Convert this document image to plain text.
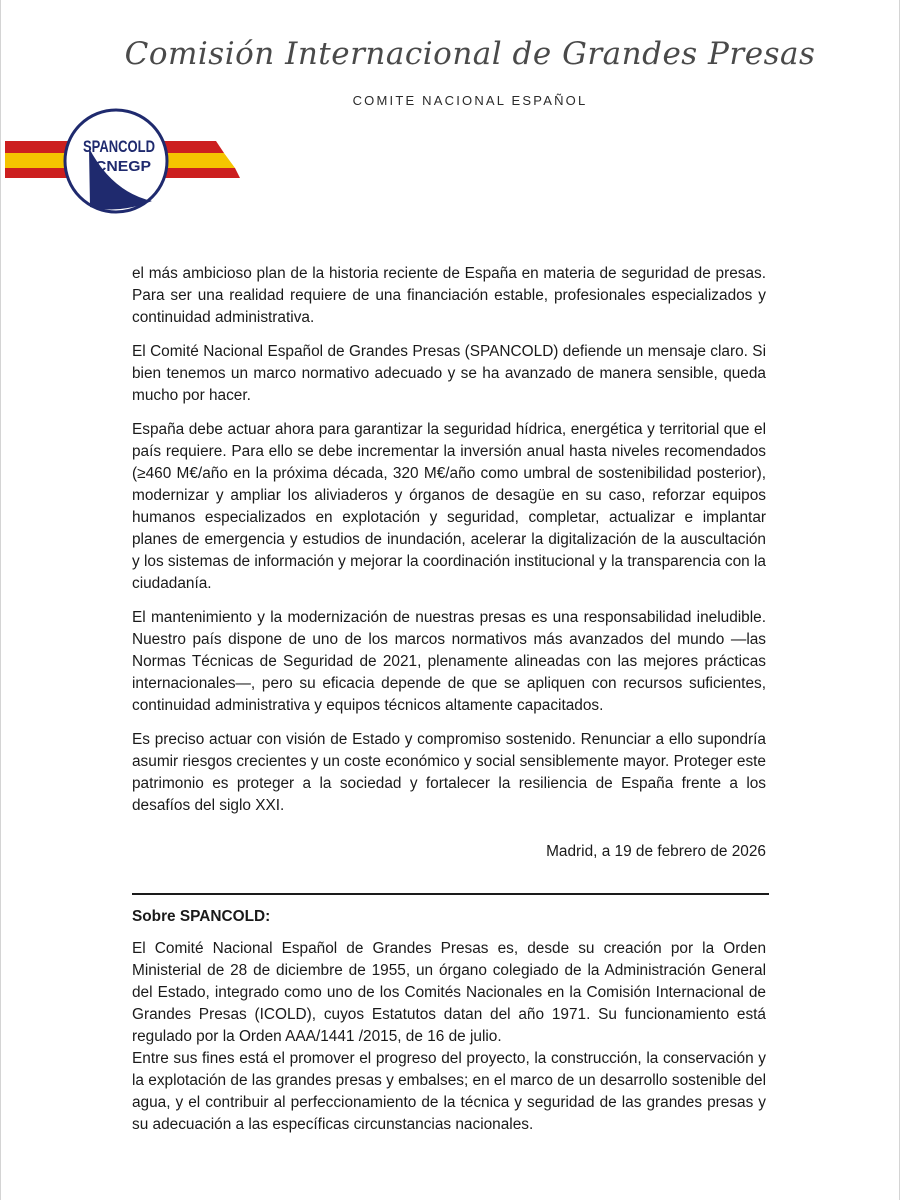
Comisión Internacional de Grandes Presas
COMITE NACIONAL ESPAÑOL
SPANCOLD
CNEGP

el más ambicioso plan de la historia reciente de España en materia de seguridad de presas. Para ser una realidad requiere de una financiación estable, profesionales especializados y continuidad administrativa.

El Comité Nacional Español de Grandes Presas (SPANCOLD) defiende un mensaje claro. Si bien tenemos un marco normativo adecuado y se ha avanzado de manera sensible, queda mucho por hacer.

España debe actuar ahora para garantizar la seguridad hídrica, energética y territorial que el país requiere. Para ello se debe incrementar la inversión anual hasta niveles recomendados (≥460 M€/año en la próxima década, 320 M€/año como umbral de sostenibilidad posterior), modernizar y ampliar los aliviaderos y órganos de desagüe en su caso, reforzar equipos humanos especializados en explotación y seguridad, completar, actualizar e implantar planes de emergencia y estudios de inundación, acelerar la digitalización de la auscultación y los sistemas de información y mejorar la coordinación institucional y la transparencia con la ciudadanía.

El mantenimiento y la modernización de nuestras presas es una responsabilidad ineludible. Nuestro país dispone de uno de los marcos normativos más avanzados del mundo —las Normas Técnicas de Seguridad de 2021, plenamente alineadas con las mejores prácticas internacionales—, pero su eficacia depende de que se apliquen con recursos suficientes, continuidad administrativa y equipos técnicos altamente capacitados.

Es preciso actuar con visión de Estado y compromiso sostenido. Renunciar a ello supondría asumir riesgos crecientes y un coste económico y social sensiblemente mayor. Proteger este patrimonio es proteger a la sociedad y fortalecer la resiliencia de España frente a los desafíos del siglo XXI.

Madrid, a 19 de febrero de 2026

Sobre SPANCOLD:

El Comité Nacional Español de Grandes Presas es, desde su creación por la Orden Ministerial de 28 de diciembre de 1955, un órgano colegiado de la Administración General del Estado, integrado como uno de los Comités Nacionales en la Comisión Internacional de Grandes Presas (ICOLD), cuyos Estatutos datan del año 1971. Su funcionamiento está regulado por la Orden AAA/1441 /2015, de 16 de julio.

Entre sus fines está el promover el progreso del proyecto, la construcción, la conservación y la explotación de las grandes presas y embalses; en el marco de un desarrollo sostenible del agua, y el contribuir al perfeccionamiento de la técnica y seguridad de las grandes presas y su adecuación a las específicas circunstancias nacionales.
